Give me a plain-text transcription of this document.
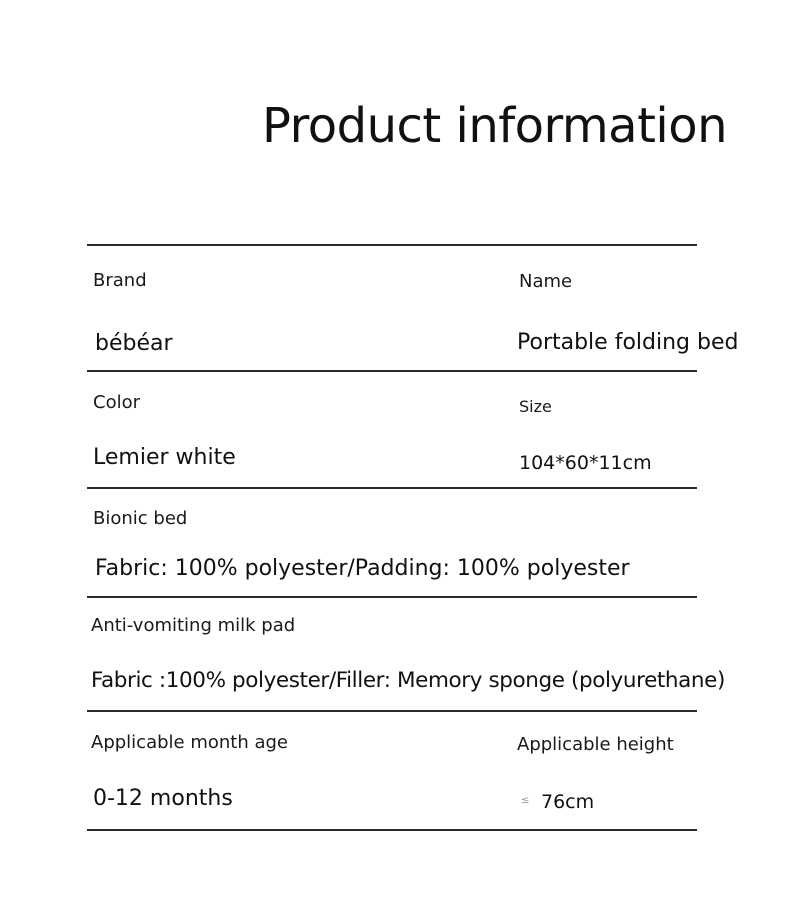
Product information
Brand
bébéar
Name
Portable folding bed
Color
Lemier white
Size
104*60*11cm
Bionic bed
Fabric: 100% polyester/Padding: 100% polyester
Anti-vomiting milk pad
Fabric :100% polyester/Filler: Memory sponge (polyurethane)
Applicable month age
0-12 months
Applicable height
≤ 76cm
